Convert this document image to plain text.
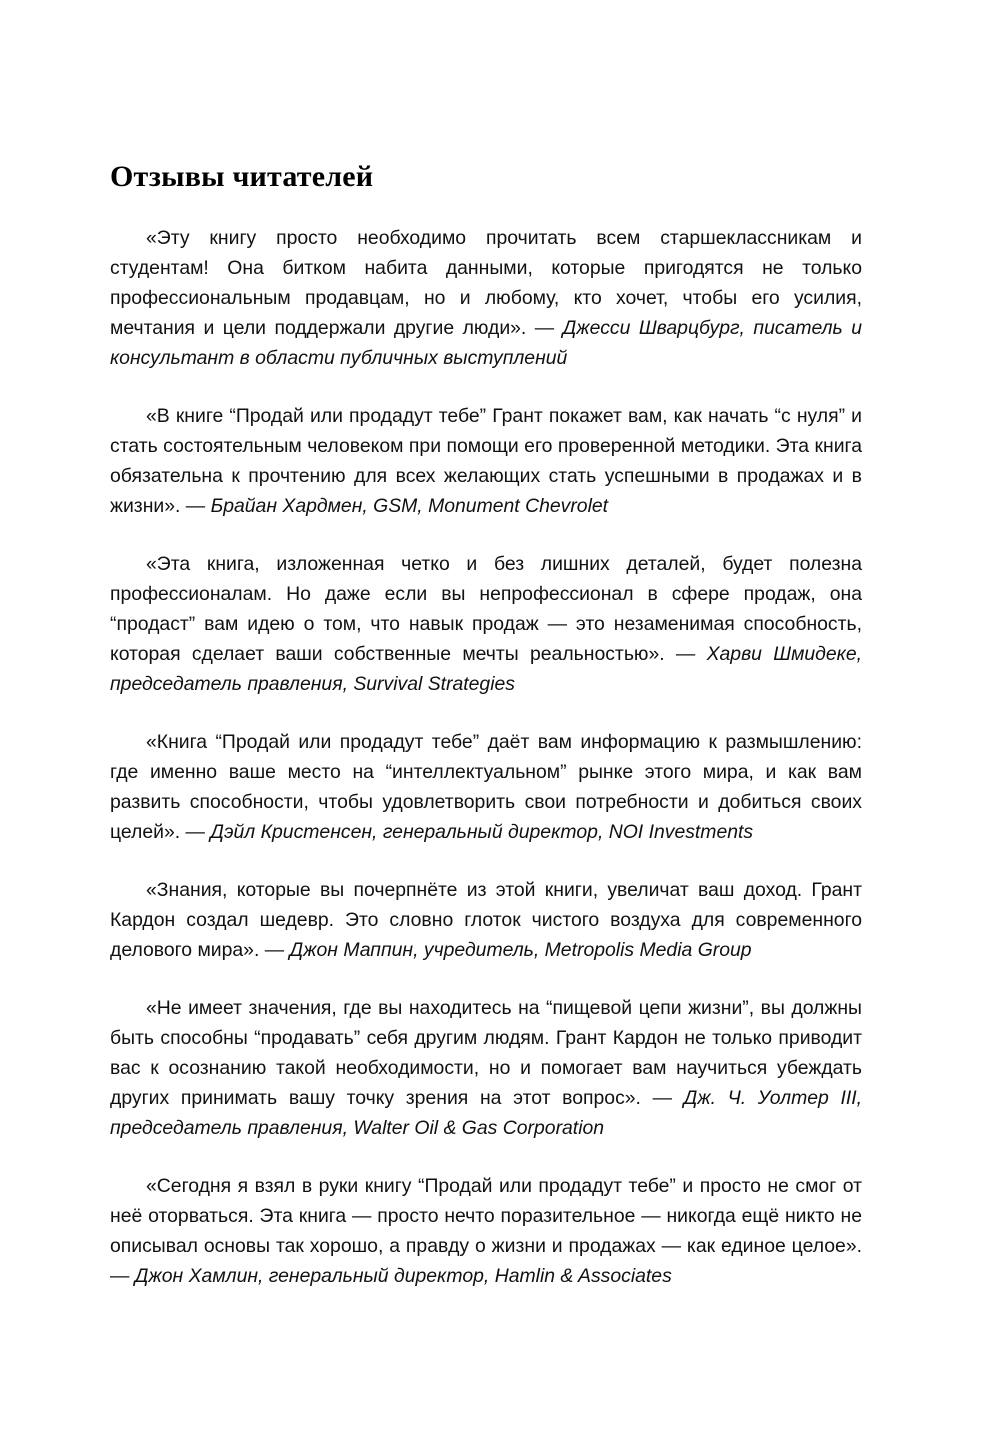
Отзывы читателей

«Эту книгу просто необходимо прочитать всем старшеклассникам и студентам! Она битком набита данными, которые пригодятся не только профессиональным продавцам, но и любому, кто хочет, чтобы его усилия, мечтания и цели поддержали другие люди». — Джесси Шварцбург, писатель и консультант в области публичных выступлений

«В книге “Продай или продадут тебе” Грант покажет вам, как начать “с нуля” и стать состоятельным человеком при помощи его проверенной методики. Эта книга обязательна к прочтению для всех желающих стать успешными в продажах и в жизни». — Брайан Хардмен, GSM, Monument Chevrolet

«Эта книга, изложенная четко и без лишних деталей, будет полезна профессионалам. Но даже если вы непрофессионал в сфере продаж, она “продаст” вам идею о том, что навык продаж — это незаменимая способность, которая сделает ваши собственные мечты реальностью». — Харви Шмидеке, председатель правления, Survival Strategies

«Книга “Продай или продадут тебе” даёт вам информацию к размышлению: где именно ваше место на “интеллектуальном” рынке этого мира, и как вам развить способности, чтобы удовлетворить свои потребности и добиться своих целей». — Дэйл Кристенсен, генеральный директор, NOI Investments

«Знания, которые вы почерпнёте из этой книги, увеличат ваш доход. Грант Кардон создал шедевр. Это словно глоток чистого воздуха для современного делового мира». — Джон Маппин, учредитель, Metropolis Media Group

«Не имеет значения, где вы находитесь на “пищевой цепи жизни”, вы должны быть способны “продавать” себя другим людям. Грант Кардон не только приводит вас к осознанию такой необходимости, но и помогает вам научиться убеждать других принимать вашу точку зрения на этот вопрос». — Дж. Ч. Уолтер III, председатель правления, Walter Oil & Gas Corporation

«Сегодня я взял в руки книгу “Продай или продадут тебе” и просто не смог от неё оторваться. Эта книга — просто нечто поразительное — никогда ещё никто не описывал основы так хорошо, а правду о жизни и продажах — как единое целое». — Джон Хамлин, генеральный директор, Hamlin & Associates
